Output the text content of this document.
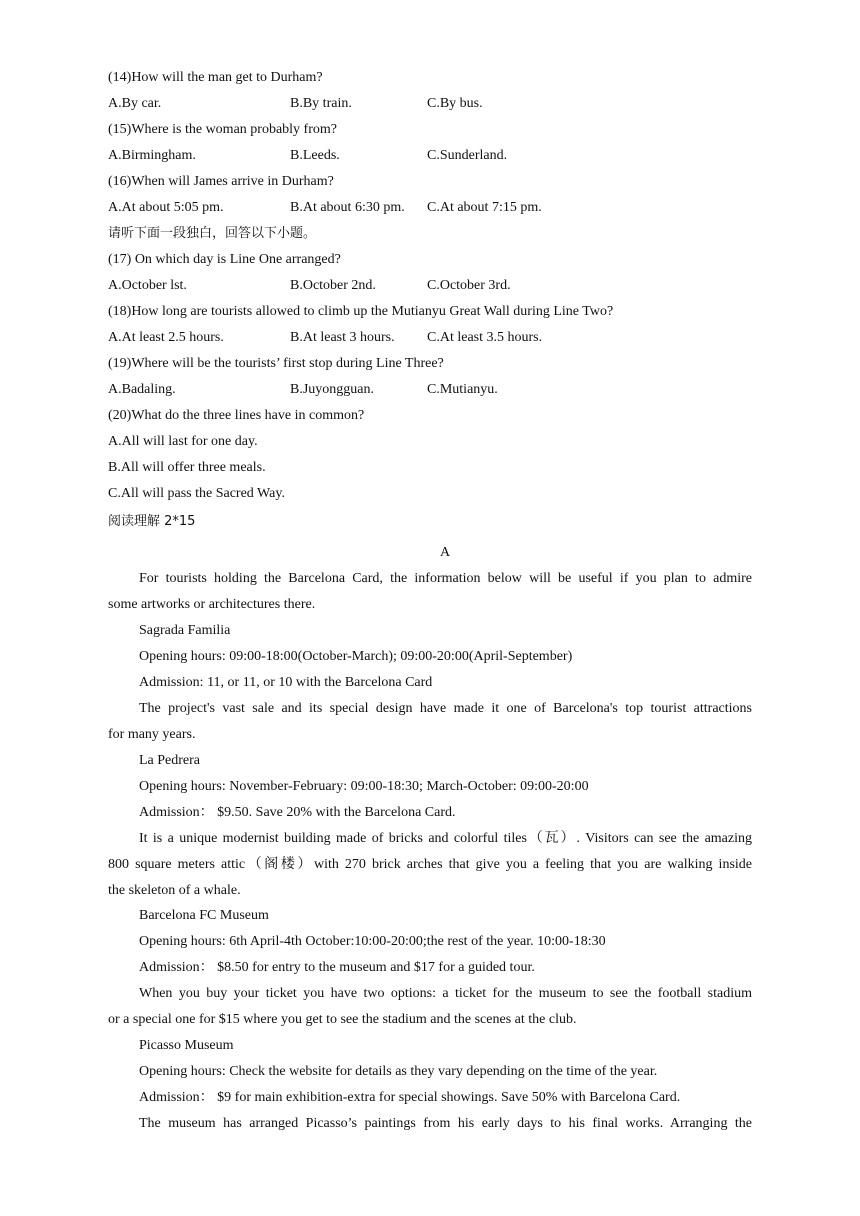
(14)How will the man get to Durham?
A.By car.	B.By train.	C.By bus.
(15)Where is the woman probably from?
A.Birmingham.	B.Leeds.	C.Sunderland.
(16)When will James arrive in Durham?
A.At about 5:05 pm.	B.At about 6:30 pm. C.At about 7:15 pm.
请听下面一段独白，回答以下小题。
(17) On which day is Line One arranged?
A.October lst.	B.October 2nd.	C.October 3rd.
(18)How long are tourists allowed to climb up the Mutianyu Great Wall during Line Two?
A.At least 2.5 hours.	B.At least 3 hours. C.At least 3.5 hours.
(19)Where will be the tourists’ first stop during Line Three?
A.Badaling.	B.Juyongguan.	C.Mutianyu.
(20)What do the three lines have in common?
A.All will last for one day.
B.All will offer three meals.
C.All will pass the Sacred Way.
阅读理解 2*15
A
For tourists holding the Barcelona Card, the information below will be useful if you plan to admire
some artworks or architectures there.
Sagrada Familia
Opening hours: 09:00-18:00(October-March); 09:00-20:00(April-September)
Admission: 11, or 11, or 10 with the Barcelona Card
The project's vast sale and its special design have made it one of Barcelona's top tourist attractions
for many years.
La Pedrera
Opening hours: November-February: 09:00-18:30; March-October: 09:00-20:00
Admission： $9.50. Save 20% with the Barcelona Card.
It is a unique modernist building made of bricks and colorful tiles（瓦）. Visitors can see the amazing
800 square meters attic（阁楼）with 270 brick arches that give you a feeling that you are walking inside
the skeleton of a whale.
Barcelona FC Museum
Opening hours: 6th April-4th October:10:00-20:00;the rest of the year. 10:00-18:30
Admission： $8.50 for entry to the museum and $17 for a guided tour.
When you buy your ticket you have two options: a ticket for the museum to see the football stadium
or a special one for $15 where you get to see the stadium and the scenes at the club.
Picasso Museum
Opening hours: Check the website for details as they vary depending on the time of the year.
Admission： $9 for main exhibition-extra for special showings. Save 50% with Barcelona Card.
The museum has arranged Picasso’s paintings from his early days to his final works. Arranging the
